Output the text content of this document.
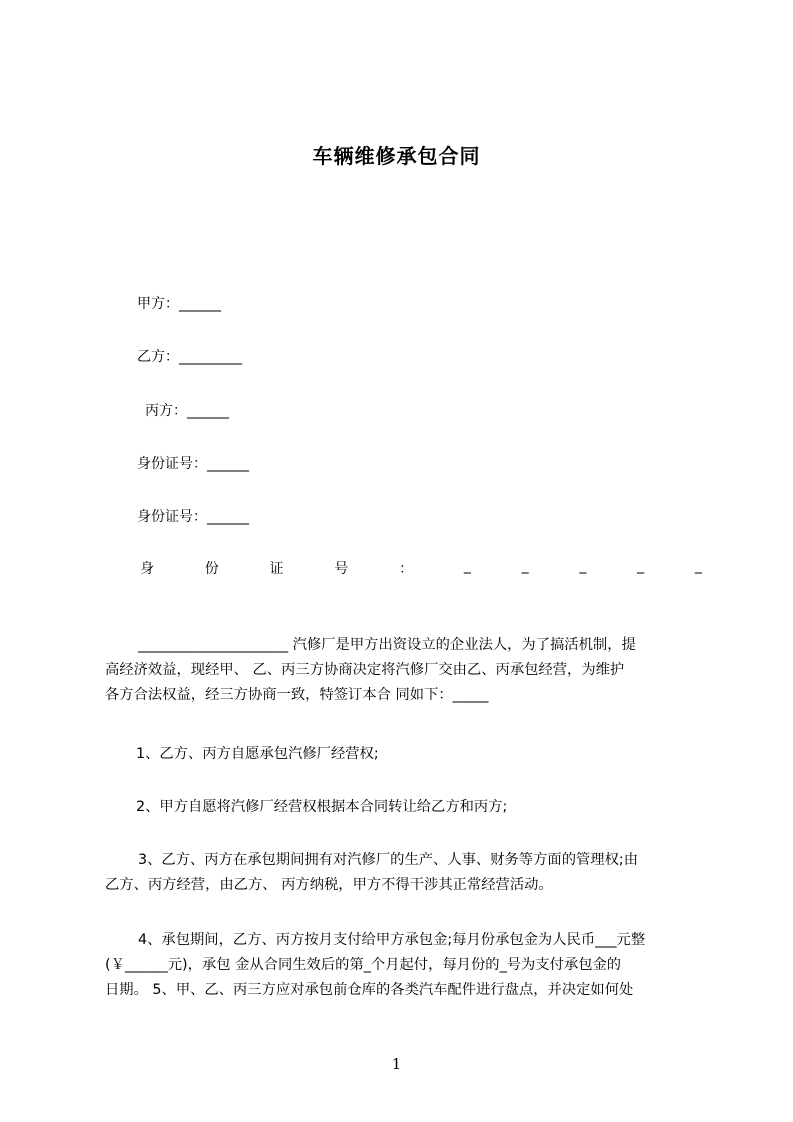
车辆维修承包合同
甲方：______
乙方：_________
丙方：______
身份证号：______
身份证号：______
身	份	证	号	：	_	_	_	_	_
_____________________ 汽修厂是甲方出资设立的企业法人，为了搞活机制，提
高经济效益，现经甲、 乙、丙三方协商决定将汽修厂交由乙、丙承包经营，为维护
各方合法权益，经三方协商一致，特签订本合 同如下：_____
1、乙方、丙方自愿承包汽修厂经营权;
2、甲方自愿将汽修厂经营权根据本合同转让给乙方和丙方;
3、乙方、丙方在承包期间拥有对汽修厂的生产、人事、财务等方面的管理权;由
乙方、丙方经营，由乙方、 丙方纳税，甲方不得干涉其正常经营活动。
4、承包期间，乙方、丙方按月支付给甲方承包金;每月份承包金为人民币___元整
(￥______元)，承包 金从合同生效后的第_个月起付，每月份的_号为支付承包金的
日期。 5、甲、乙、丙三方应对承包前仓库的各类汽车配件进行盘点，并决定如何处
1
